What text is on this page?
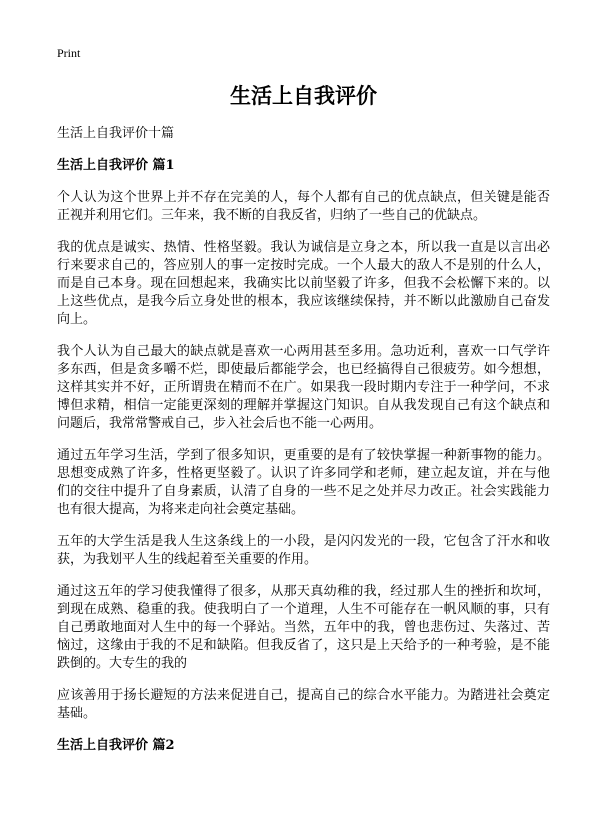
Print

生活上自我评价

生活上自我评价十篇

生活上自我评价 篇1

个人认为这个世界上并不存在完美的人，每个人都有自己的优点缺点，但关键是能否正视并利用它们。三年来，我不断的自我反省，归纳了一些自己的优缺点。

我的优点是诚实、热情、性格坚毅。我认为诚信是立身之本，所以我一直是以言出必行来要求自己的，答应别人的事一定按时完成。一个人最大的敌人不是别的什么人，而是自己本身。现在回想起来，我确实比以前坚毅了许多，但我不会松懈下来的。以上这些优点，是我今后立身处世的根本，我应该继续保持，并不断以此激励自己奋发向上。

我个人认为自己最大的缺点就是喜欢一心两用甚至多用。急功近利，喜欢一口气学许多东西，但是贪多嚼不烂，即使最后都能学会，也已经搞得自己很疲劳。如今想想，这样其实并不好，正所谓贵在精而不在广。如果我一段时期内专注于一种学问，不求博但求精，相信一定能更深刻的理解并掌握这门知识。自从我发现自己有这个缺点和问题后，我常常警戒自己，步入社会后也不能一心两用。

通过五年学习生活，学到了很多知识，更重要的是有了较快掌握一种新事物的能力。思想变成熟了许多，性格更坚毅了。认识了许多同学和老师，建立起友谊，并在与他们的交往中提升了自身素质，认清了自身的一些不足之处并尽力改正。社会实践能力也有很大提高，为将来走向社会奠定基础。

五年的大学生活是我人生这条线上的一小段，是闪闪发光的一段，它包含了汗水和收获，为我划平人生的线起着至关重要的作用。

通过这五年的学习使我懂得了很多，从那天真幼稚的我，经过那人生的挫折和坎坷，到现在成熟、稳重的我。使我明白了一个道理，人生不可能存在一帆风顺的事，只有自己勇敢地面对人生中的每一个驿站。当然，五年中的我，曾也悲伤过、失落过、苦恼过，这缘由于我的不足和缺陷。但我反省了，这只是上天给予的一种考验，是不能跌倒的。大专生的我的

应该善用于扬长避短的方法来促进自己，提高自己的综合水平能力。为踏进社会奠定基础。

生活上自我评价 篇2
